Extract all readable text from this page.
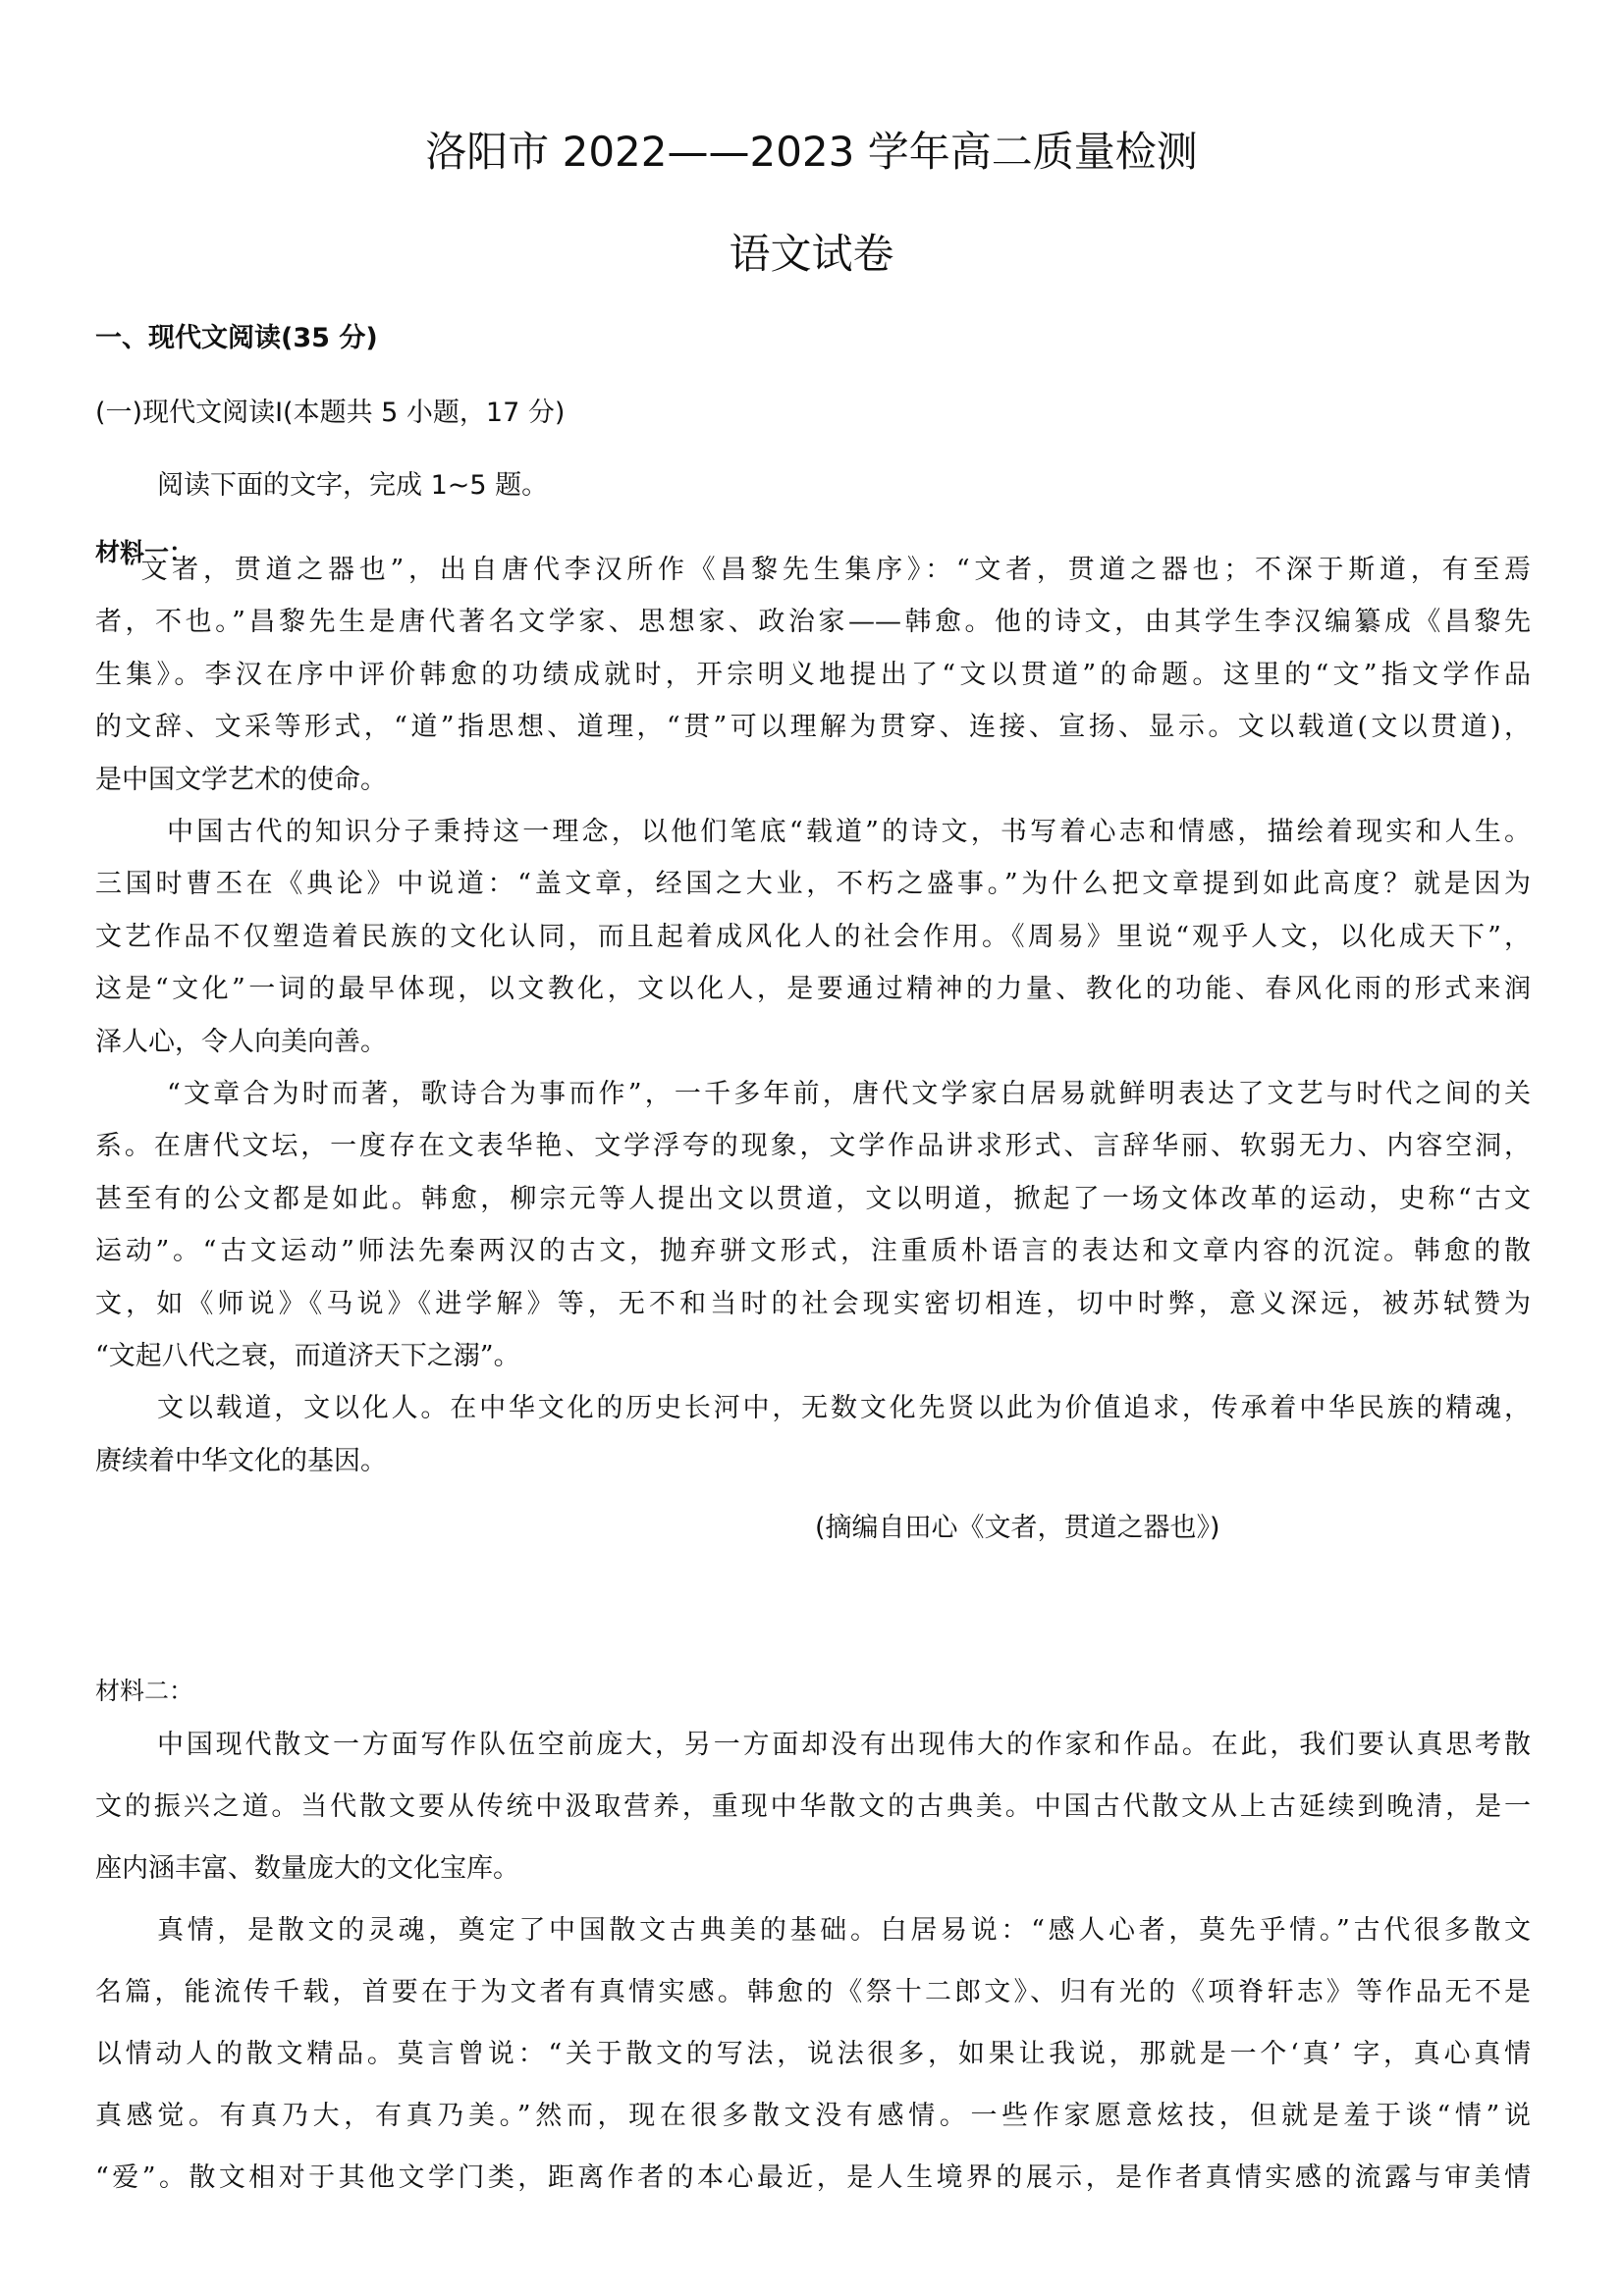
洛阳市 2022——2023 学年高二质量检测
语文试卷
一、现代文阅读(35 分)
(一)现代文阅读Ⅰ(本题共 5 小题，17 分)
阅读下面的文字，完成 1~5 题。
材料一：
“文者，贯道之器也”，出自唐代李汉所作《昌黎先生集序》：“文者，贯道之器也；不深于斯道，有至焉
者，不也。”昌黎先生是唐代著名文学家、思想家、政治家——韩愈。他的诗文，由其学生李汉编纂成《昌黎先
生集》。李汉在序中评价韩愈的功绩成就时，开宗明义地提出了“文以贯道”的命题。这里的“文”指文学作品
的文辞、文采等形式，“道”指思想、道理，“贯”可以理解为贯穿、连接、宣扬、显示。文以载道(文以贯道)，
是中国文学艺术的使命。
中国古代的知识分子秉持这一理念，以他们笔底“载道”的诗文，书写着心志和情感，描绘着现实和人生。
三国时曹丕在《典论》中说道：“盖文章，经国之大业，不朽之盛事。”为什么把文章提到如此高度？就是因为
文艺作品不仅塑造着民族的文化认同，而且起着成风化人的社会作用。《周易》里说“观乎人文，以化成天下”，
这是“文化”一词的最早体现，以文教化，文以化人，是要通过精神的力量、教化的功能、春风化雨的形式来润
泽人心，令人向美向善。
“文章合为时而著，歌诗合为事而作”，一千多年前，唐代文学家白居易就鲜明表达了文艺与时代之间的关
系。在唐代文坛，一度存在文表华艳、文学浮夸的现象，文学作品讲求形式、言辞华丽、软弱无力、内容空洞，
甚至有的公文都是如此。韩愈，柳宗元等人提出文以贯道，文以明道，掀起了一场文体改革的运动，史称“古文
运动”。“古文运动”师法先秦两汉的古文，抛弃骈文形式，注重质朴语言的表达和文章内容的沉淀。韩愈的散
文，如《师说》《马说》《进学解》等，无不和当时的社会现实密切相连，切中时弊，意义深远，被苏轼赞为
“文起八代之衰，而道济天下之溺”。
文以载道，文以化人。在中华文化的历史长河中，无数文化先贤以此为价值追求，传承着中华民族的精魂，
赓续着中华文化的基因。
(摘编自田心《文者，贯道之器也》)
材料二：
中国现代散文一方面写作队伍空前庞大，另一方面却没有出现伟大的作家和作品。在此，我们要认真思考散
文的振兴之道。当代散文要从传统中汲取营养，重现中华散文的古典美。中国古代散文从上古延续到晚清，是一
座内涵丰富、数量庞大的文化宝库。
真情，是散文的灵魂，奠定了中国散文古典美的基础。白居易说：“感人心者，莫先乎情。”古代很多散文
名篇，能流传千载，首要在于为文者有真情实感。韩愈的《祭十二郎文》、归有光的《项脊轩志》等作品无不是
以情动人的散文精品。莫言曾说：“关于散文的写法，说法很多，如果让我说，那就是一个‘真’ 字，真心真情
真感觉。有真乃大，有真乃美。”然而，现在很多散文没有感情。一些作家愿意炫技，但就是羞于谈“情”说
“爱”。散文相对于其他文学门类，距离作者的本心最近，是人生境界的展示，是作者真情实感的流露与审美情
